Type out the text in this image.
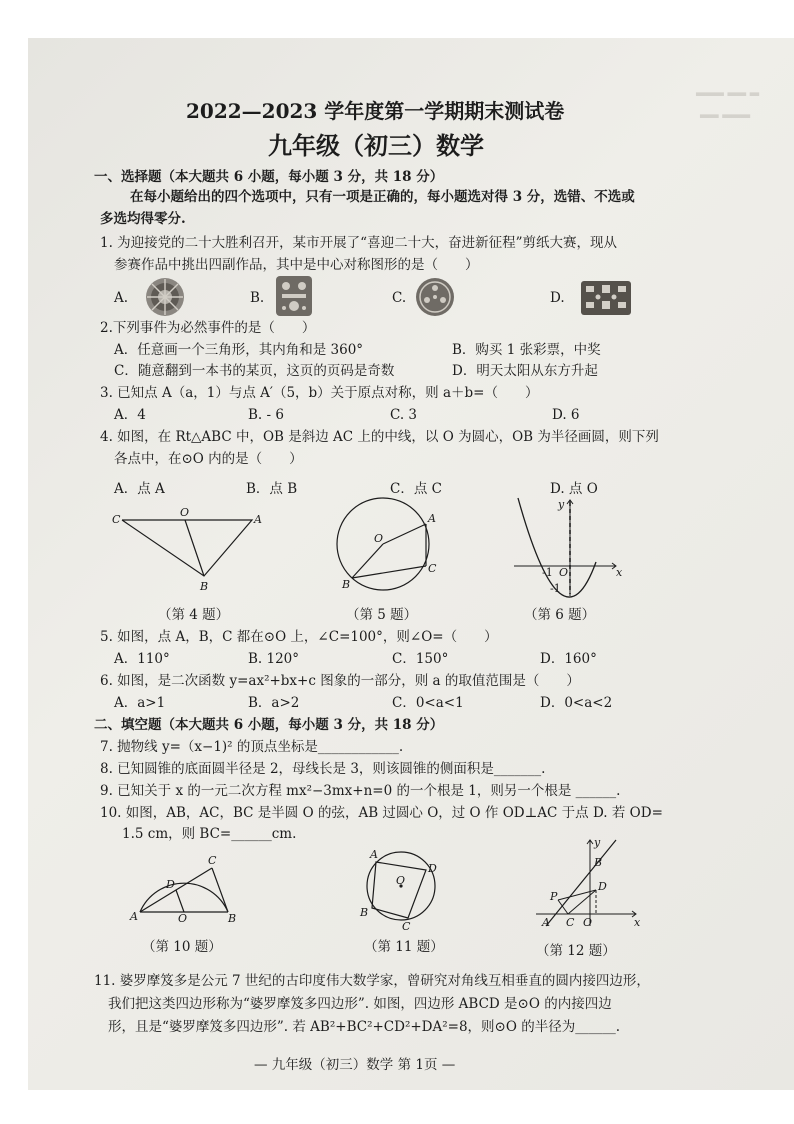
▂▂▂ ▂▂ ▂
▂▂ ▂▂▂
2022—2023 学年度第一学期期末测试卷
九年级（初三）数学
一、选择题（本大题共 6 小题，每小题 3 分，共 18 分）
在每小题给出的四个选项中，只有一项是正确的，每小题选对得 3 分，选错、不选或
多选均得零分.
1. 为迎接党的二十大胜利召开，某市开展了“喜迎二十大，奋进新征程”剪纸大赛，现从
参赛作品中挑出四副作品，其中是中心对称图形的是（　　）
A.	B.	C.	D.
2.下列事件为必然事件的是（　　）
A．任意画一个三角形，其内角和是 360°	B．购买 1 张彩票，中奖
C．随意翻到一本书的某页，这页的页码是奇数	D．明天太阳从东方升起
3. 已知点 A（a，1）与点 A′（5，b）关于原点对称，则 a＋b=（　　）
A．4	B. - 6	C. 3	D. 6
4. 如图，在 Rt△ABC 中，OB 是斜边 AC 上的中线，以 O 为圆心，OB 为半径画圆，则下列
各点中，在⊙O 内的是（　　）
A．点 A	B．点 B	C．点 C	D. 点 O
C
O
A
B
A
O
B
C
y
-1 O	x
-1
（第 4 题）	（第 5 题）	（第 6 题）
5. 如图，点 A，B，C 都在⊙O 上，∠C=100°，则∠O=（　　）
A．110°	B. 120°	C．150°	D．160°
6. 如图，是二次函数 y=ax²+bx+c 图象的一部分，则 a 的取值范围是（　　）
A．a>1	B．a>2	C．0<a<1	D．0<a<2
二、填空题（本大题共 6 小题，每小题 3 分，共 18 分）
7. 抛物线 y=（x−1)² 的顶点坐标是____________.
8. 已知圆锥的底面圆半径是 2，母线长是 3，则该圆锥的侧面积是_______.
9. 已知关于 x 的一元二次方程 mx²−3mx+n=0 的一个根是 1，则另一个根是 ______.
10. 如图，AB，AC，BC 是半圆 O 的弦，AB 过圆心 O，过 O 作 OD⊥AC 于点 D. 若 OD=
1.5 cm，则 BC=______cm.
C
D
A	O	B
A
D
O
B
C
y
B
D
P
A C O	x
（第 10 题）	（第 11 题）	（第 12 题）
11. 婆罗摩笈多是公元 7 世纪的古印度伟大数学家，曾研究对角线互相垂直的圆内接四边形，
我们把这类四边形称为“婆罗摩笈多四边形”. 如图，四边形 ABCD 是⊙O 的内接四边
形，且是“婆罗摩笈多四边形”. 若 AB²+BC²+CD²+DA²=8，则⊙O 的半径为______.
— 九年级（初三）数学 第 1页 —
